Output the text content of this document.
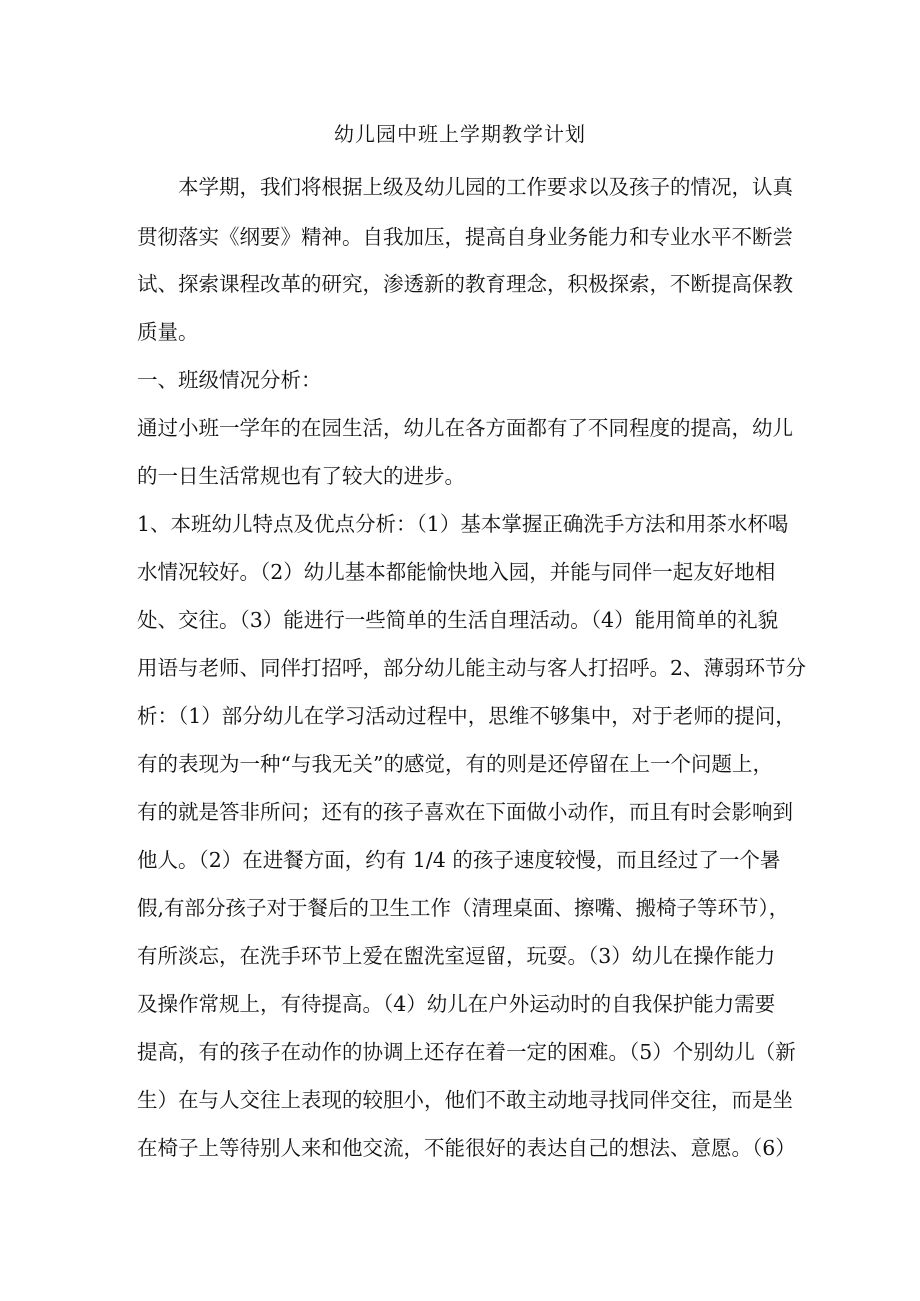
幼儿园中班上学期教学计划
本学期，我们将根据上级及幼儿园的工作要求以及孩子的情况，认真
贯彻落实《纲要》精神。自我加压，提高自身业务能力和专业水平不断尝
试、探索课程改革的研究，渗透新的教育理念，积极探索，不断提高保教
质量。
一、班级情况分析：
通过小班一学年的在园生活，幼儿在各方面都有了不同程度的提高，幼儿
的一日生活常规也有了较大的进步。
1、本班幼儿特点及优点分析：（1）基本掌握正确洗手方法和用茶水杯喝
水情况较好。（2）幼儿基本都能愉快地入园，并能与同伴一起友好地相
处、交往。（3）能进行一些简单的生活自理活动。（4）能用简单的礼貌
用语与老师、同伴打招呼，部分幼儿能主动与客人打招呼。2、薄弱环节分
析：（1）部分幼儿在学习活动过程中，思维不够集中，对于老师的提问，
有的表现为一种“与我无关”的感觉，有的则是还停留在上一个问题上，
有的就是答非所问；还有的孩子喜欢在下面做小动作，而且有时会影响到
他人。（2）在进餐方面，约有 1/4 的孩子速度较慢，而且经过了一个暑
假,有部分孩子对于餐后的卫生工作（清理桌面、擦嘴、搬椅子等环节），
有所淡忘，在洗手环节上爱在盥洗室逗留，玩耍。（3）幼儿在操作能力
及操作常规上，有待提高。（4）幼儿在户外运动时的自我保护能力需要
提高，有的孩子在动作的协调上还存在着一定的困难。（5）个别幼儿（新
生）在与人交往上表现的较胆小，他们不敢主动地寻找同伴交往，而是坐
在椅子上等待别人来和他交流，不能很好的表达自己的想法、意愿。（6）
